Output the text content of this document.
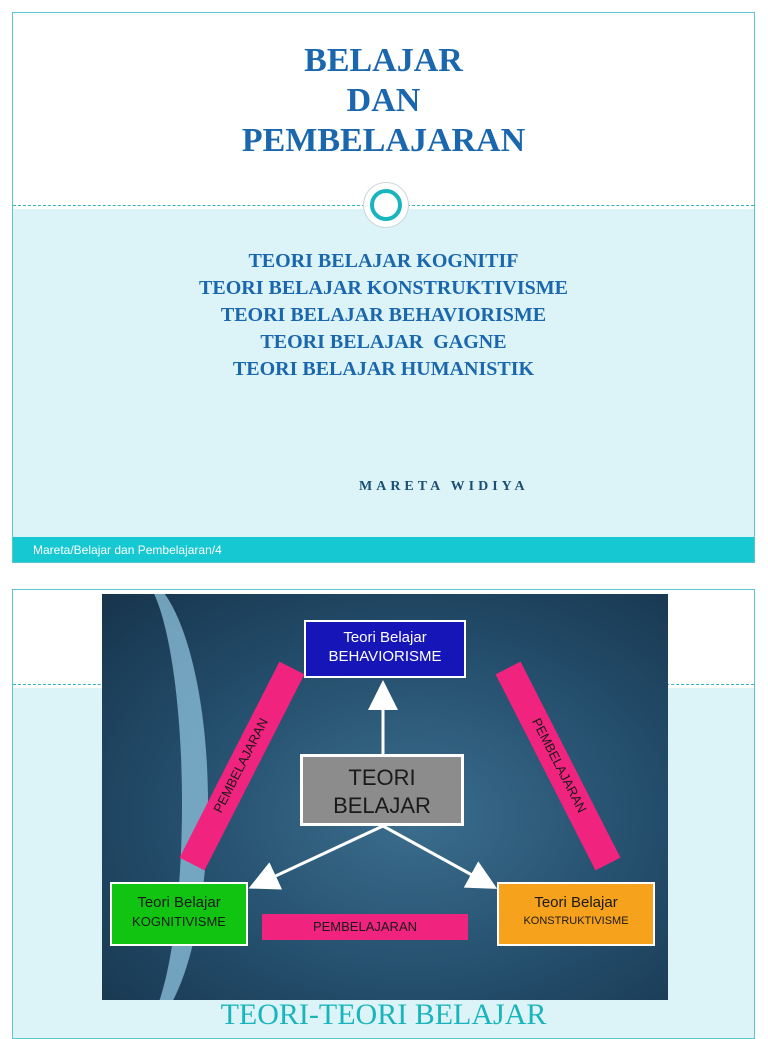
BELAJAR
DAN
PEMBELAJARAN
TEORI BELAJAR KOGNITIF
TEORI BELAJAR KONSTRUKTIVISME
TEORI BELAJAR BEHAVIORISME
TEORI BELAJAR  GAGNE
TEORI BELAJAR HUMANISTIK
MARETA WIDIYA
Mareta/Belajar dan Pembelajaran/4
PEMBELAJARAN	PEMBELAJARAN
PEMBELAJARAN
Teori Belajar
BEHAVIORISME
TEORI
BELAJAR
Teori Belajar
KOGNITIVISME
Teori Belajar
KONSTRUKTIVISME
TEORI-TEORI BELAJAR
